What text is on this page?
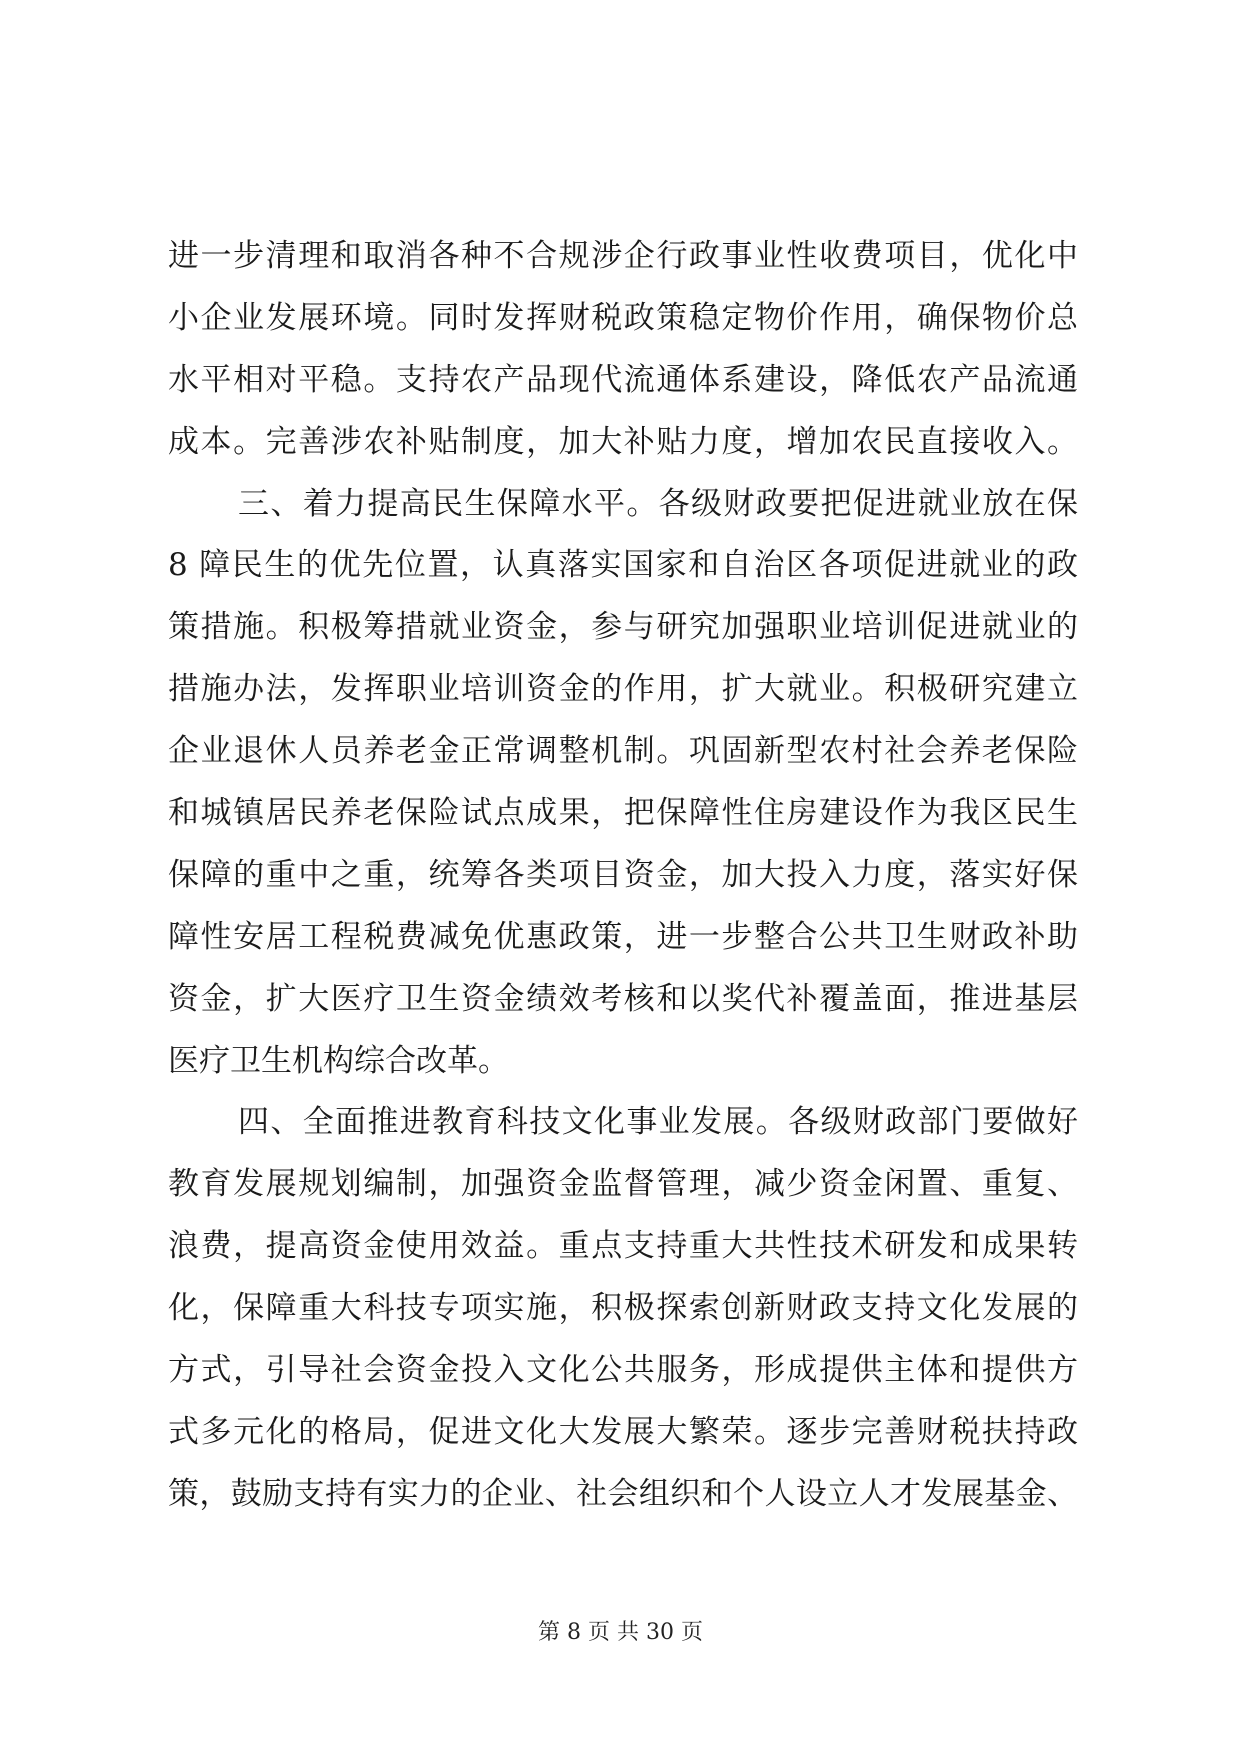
进一步清理和取消各种不合规涉企行政事业性收费项目，优化中
小企业发展环境。同时发挥财税政策稳定物价作用，确保物价总
水平相对平稳。支持农产品现代流通体系建设，降低农产品流通
成本。完善涉农补贴制度，加大补贴力度，增加农民直接收入。
三、着力提高民生保障水平。各级财政要把促进就业放在保
8 障民生的优先位置，认真落实国家和自治区各项促进就业的政
策措施。积极筹措就业资金，参与研究加强职业培训促进就业的
措施办法，发挥职业培训资金的作用，扩大就业。积极研究建立
企业退休人员养老金正常调整机制。巩固新型农村社会养老保险
和城镇居民养老保险试点成果，把保障性住房建设作为我区民生
保障的重中之重，统筹各类项目资金，加大投入力度，落实好保
障性安居工程税费减免优惠政策，进一步整合公共卫生财政补助
资金，扩大医疗卫生资金绩效考核和以奖代补覆盖面，推进基层
医疗卫生机构综合改革。
四、全面推进教育科技文化事业发展。各级财政部门要做好
教育发展规划编制，加强资金监督管理，减少资金闲置、重复、
浪费，提高资金使用效益。重点支持重大共性技术研发和成果转
化，保障重大科技专项实施，积极探索创新财政支持文化发展的
方式，引导社会资金投入文化公共服务，形成提供主体和提供方
式多元化的格局，促进文化大发展大繁荣。逐步完善财税扶持政
策，鼓励支持有实力的企业、社会组织和个人设立人才发展基金、
第 8 页 共 30 页
